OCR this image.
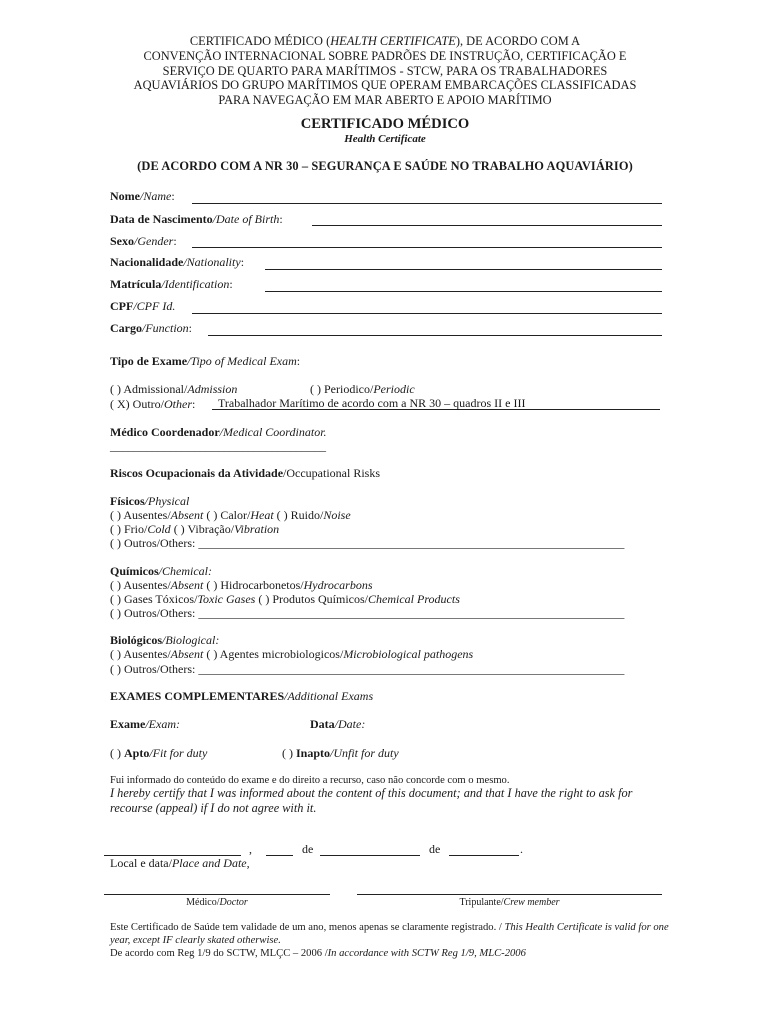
CERTIFICADO MÉDICO (HEALTH CERTIFICATE), DE ACORDO COM A
CONVENÇÃO INTERNACIONAL SOBRE PADRÕES DE INSTRUÇÃO, CERTIFICAÇÃO E
SERVIÇO DE QUARTO PARA MARÍTIMOS - STCW, PARA OS TRABALHADORES
AQUAVIÁRIOS DO GRUPO MARÍTIMOS QUE OPERAM EMBARCAÇÕES CLASSIFICADAS
PARA NAVEGAÇÃO EM MAR ABERTO E APOIO MARÍTIMO
CERTIFICADO MÉDICO
Health Certificate
(DE ACORDO COM A NR 30 – SEGURANÇA E SAÚDE NO TRABALHO AQUAVIÁRIO)
Nome/Name:
Data de Nascimento/Date of Birth:
Sexo/Gender:
Nacionalidade/Nationality:
Matrícula/Identification:
CPF/CPF Id.
Cargo/Function:
Tipo de Exame/Tipo of Medical Exam:
( ) Admissional/Admission	( ) Periodico/Periodic
( X) Outro/Other:	Trabalhador Marítimo de acordo com a NR 30 – quadros II e III
Médico Coordenador/Medical Coordinator.
____________________________________
Riscos Ocupacionais da Atividade/Occupational Risks
Físicos/Physical
( ) Ausentes/Absent ( ) Calor/Heat ( ) Ruido/Noise
( ) Frio/Cold ( ) Vibração/Vibration
( ) Outros/Others: _______________________________________________________________________
Químicos/Chemical:
( ) Ausentes/Absent ( ) Hidrocarbonetos/Hydrocarbons
( ) Gases Tóxicos/Toxic Gases ( ) Produtos Químicos/Chemical Products
( ) Outros/Others: _______________________________________________________________________
Biológicos/Biological:
( ) Ausentes/Absent ( ) Agentes microbiologicos/Microbiological pathogens
( ) Outros/Others: _______________________________________________________________________
EXAMES COMPLEMENTARES/Additional Exams
Exame/Exam:	Data/Date:
( ) Apto/Fit for duty	( ) Inapto/Unfit for duty
Fui informado do conteúdo do exame e do direito a recurso, caso não concorde com o mesmo.
I hereby certify that I was informed about the content of this document; and that I have the right to ask for recourse (appeal) if I do not agree with it.
,	de	de	.
Local e data/Place and Date,
Médico/Doctor	Tripulante/Crew member
Este Certificado de Saúde tem validade de um ano, menos apenas se claramente registrado. / This Health Certificate is valid for one year, except IF clearly skated otherwise.
De acordo com Reg 1/9 do SCTW, MLÇC – 2006 /In accordance with SCTW Reg 1/9, MLC-2006
